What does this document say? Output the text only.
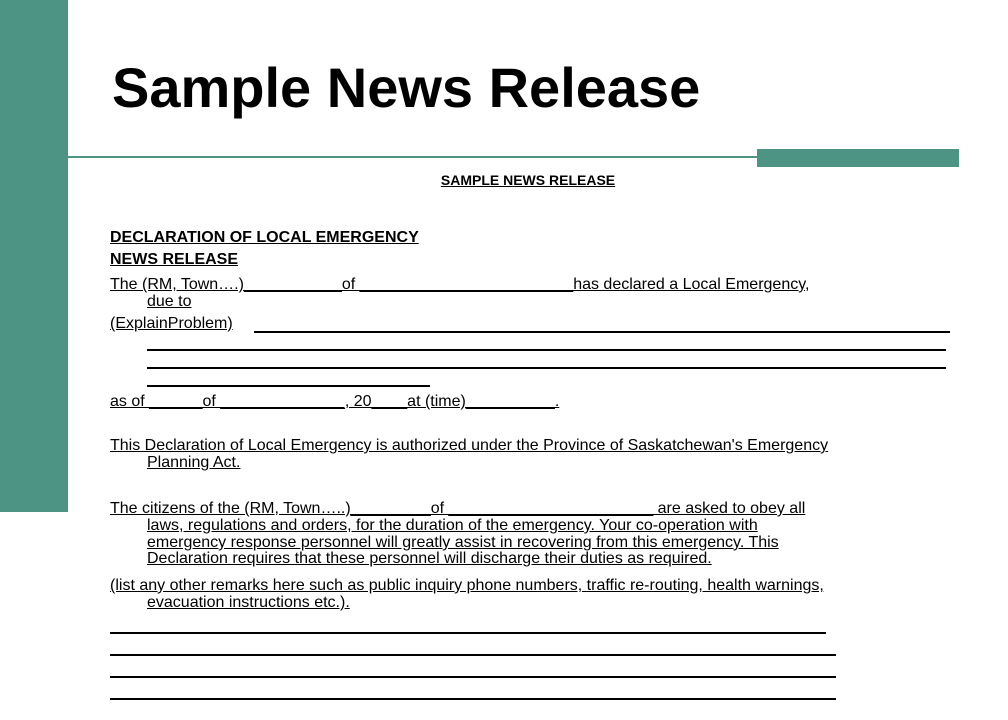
Sample News Release
SAMPLE NEWS RELEASE
DECLARATION OF LOCAL EMERGENCY
NEWS RELEASE
The (RM, Town….)___________of ________________________has declared a Local Emergency,
due to
(ExplainProblem)
as of ______of ______________, 20____at (time)__________.
This Declaration of Local Emergency is authorized under the Province of Saskatchewan's Emergency
Planning Act.
The citizens of the (RM, Town…..)_________of _______________________ are asked to obey all
laws, regulations and orders, for the duration of the emergency. Your co-operation with
emergency response personnel will greatly assist in recovering from this emergency. This
Declaration requires that these personnel will discharge their duties as required.
(list any other remarks here such as public inquiry phone numbers, traffic re-routing, health warnings,
evacuation instructions etc.).
